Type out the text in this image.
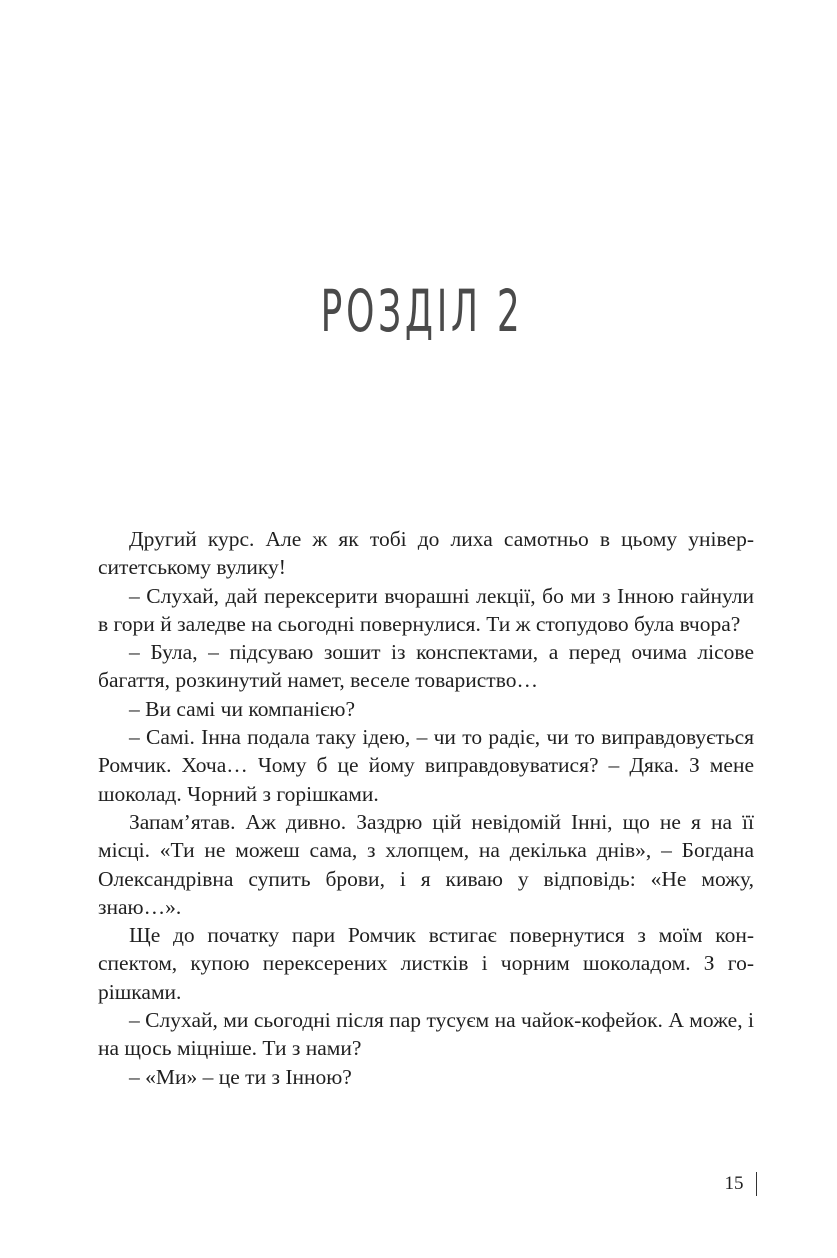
РОЗДІЛ 2

Другий курс. Але ж як тобі до лиха самотньо в цьому університетському вулику!

– Слухай, дай перексерити вчорашні лекції, бо ми з Інною гайнули в гори й заледве на сьогодні повернулися. Ти ж стопудово була вчора?

– Була, – підсуваю зошит із конспектами, а перед очима лісове багаття, розкинутий намет, веселе товариство…

– Ви самі чи компанією?

– Самі. Інна подала таку ідею, – чи то радіє, чи то виправдовується Ромчик. Хоча… Чому б це йому виправдовуватися? – Дяка. З мене шоколад. Чорний з горішками.

Запам’ятав. Аж дивно. Заздрю цій невідомій Інні, що не я на її місці. «Ти не можеш сама, з хлопцем, на декілька днів», – Богдана Олександрівна супить брови, і я киваю у відповідь: «Не можу, знаю…».

Ще до початку пари Ромчик встигає повернутися з моїм конспектом, купою перексерених листків і чорним шоколадом. З горішками.

– Слухай, ми сьогодні після пар тусуєм на чайок-кофейок. А може, і на щось міцніше. Ти з нами?

– «Ми» – це ти з Інною?

15
